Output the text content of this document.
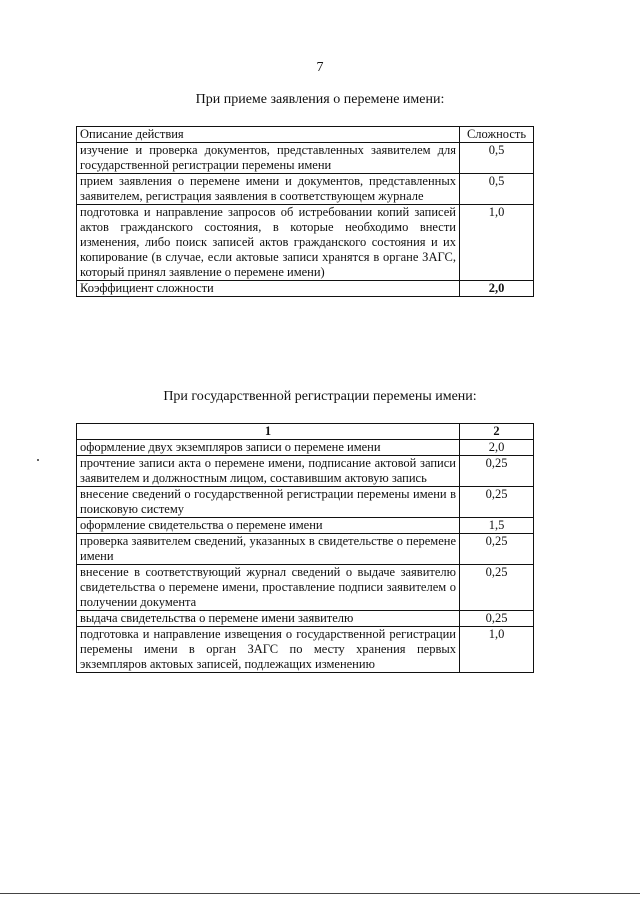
7
При приеме заявления о перемене имени:
Описание действия	Сложность
изучение и проверка документов, представленных заявителем для государственной регистрации перемены имени	0,5
прием заявления о перемене имени и документов, представленных заявителем, регистрация заявления в соответствующем журнале	0,5
подготовка и направление запросов об истребовании копий записей актов гражданского состояния, в которые необходимо внести изменения, либо поиск записей актов гражданского состояния и их копирование (в случае, если актовые записи хранятся в органе ЗАГС, который принял заявление о перемене имени)	1,0
Коэффициент сложности	2,0
При государственной регистрации перемены имени:
1	2
оформление двух экземпляров записи о перемене имени	2,0
прочтение записи акта о перемене имени, подписание актовой записи заявителем и должностным лицом, составившим актовую запись	0,25
внесение сведений о государственной регистрации перемены имени в поисковую систему	0,25
оформление свидетельства о перемене имени	1,5
проверка заявителем сведений, указанных в свидетельстве о перемене имени	0,25
внесение в соответствующий журнал сведений о выдаче заявителю свидетельства о перемене имени, проставление подписи заявителем о получении документа	0,25
выдача свидетельства о перемене имени заявителю	0,25
подготовка и направление извещения о государственной регистрации перемены имени в орган ЗАГС по месту хранения первых экземпляров актовых записей, подлежащих изменению	1,0
